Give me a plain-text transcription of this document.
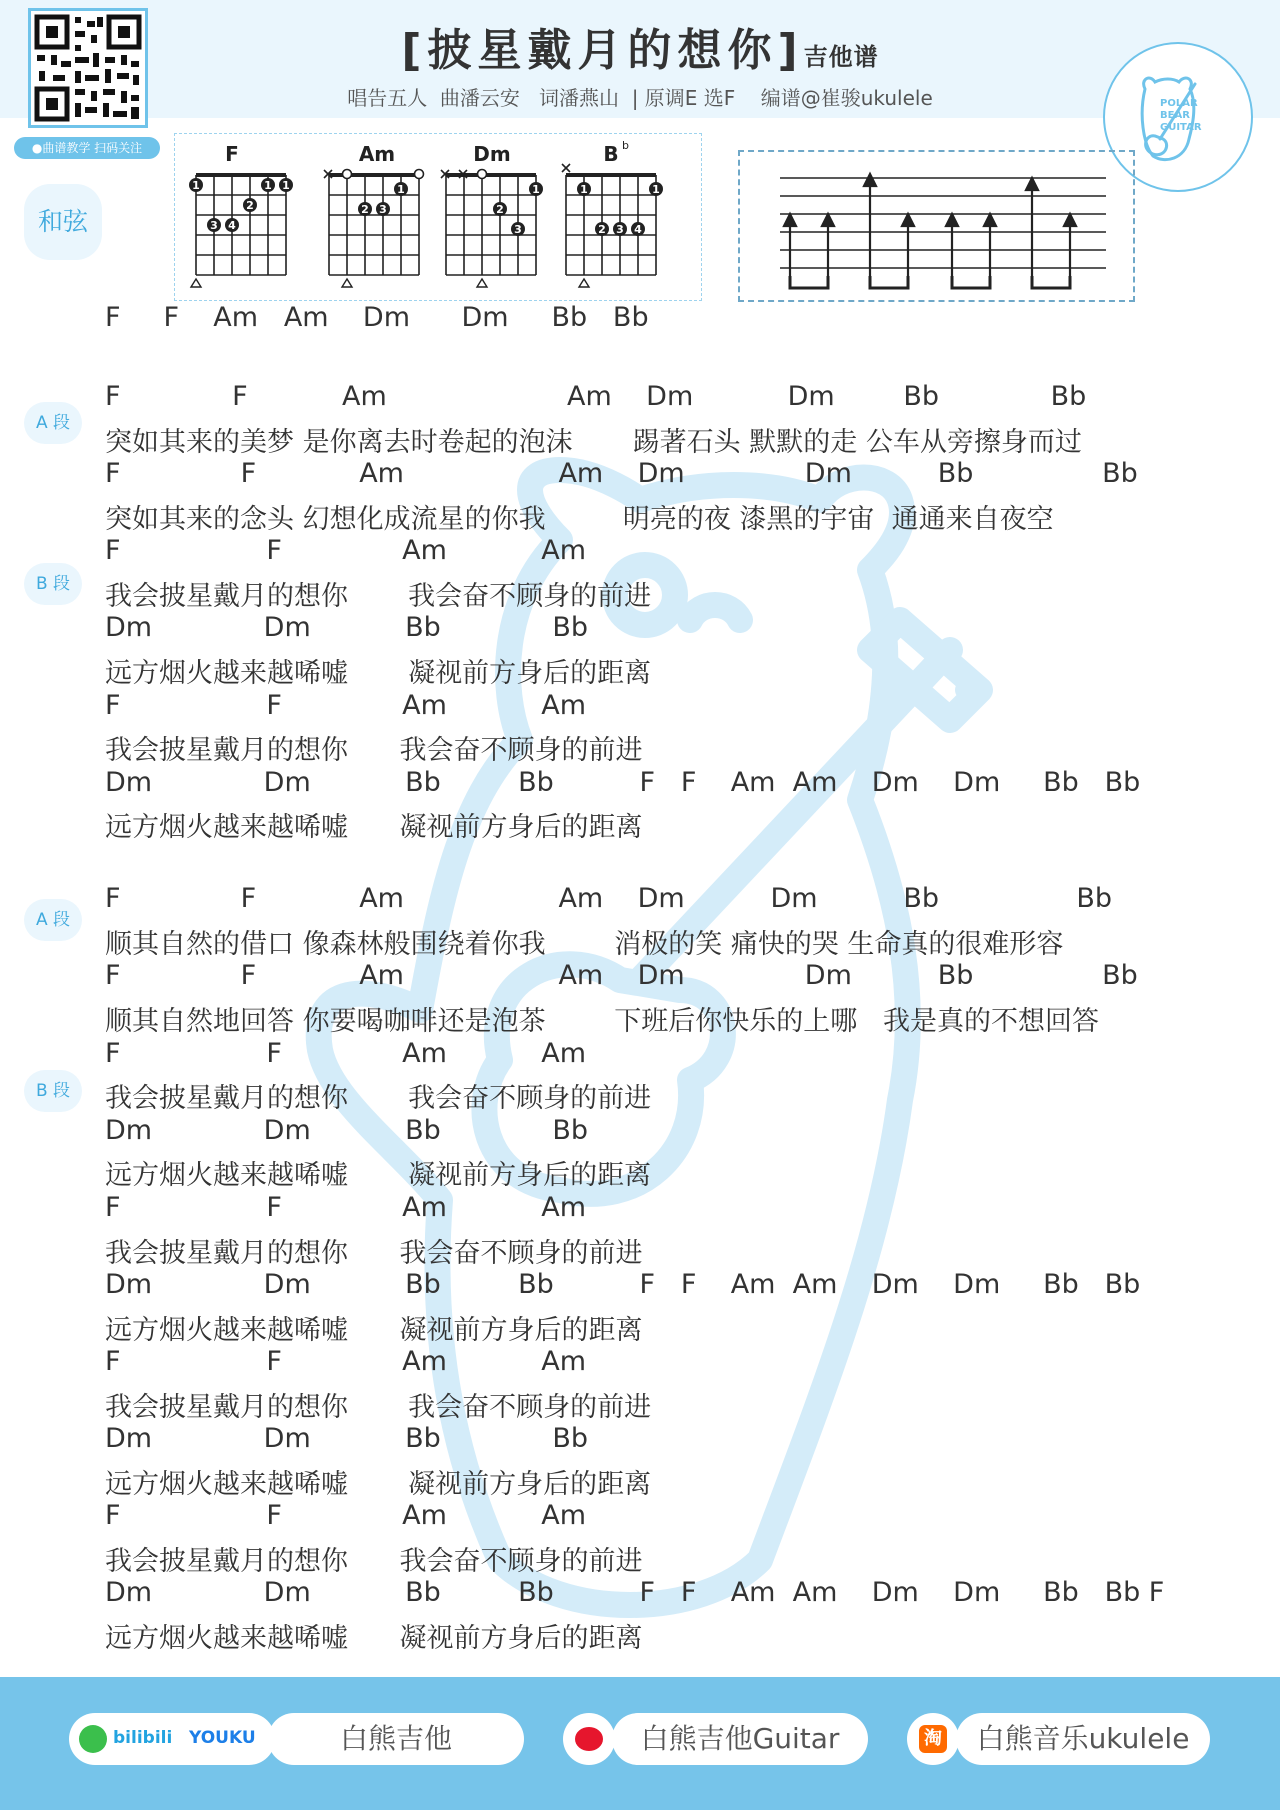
●曲谱教学 扫码关注
[披星戴月的想你]吉他谱
唱告五人  曲潘云安   词潘燕山  | 原调E 选F    编谱@崔骏ukulele	POLAR
BEAR
GUITAR
和弦
F
1	1 1
2
3 4
Am
1
2 3
Dm
1
2
3
B b
1	1
2 3 4
A 段
B 段
A 段
B 段
F     F    Am   Am    Dm      Dm     Bb   Bb
F             F           Am                     Am    Dm           Dm        Bb             Bb
突如其来的美梦 是你离去时卷起的泡沫       踢著石头 默默的走 公车从旁擦身而过
F              F            Am                  Am    Dm              Dm          Bb               Bb
突如其来的念头 幻想化成流星的你我         明亮的夜 漆黑的宇宙  通通来自夜空
F                 F              Am           Am
我会披星戴月的想你       我会奋不顾身的前进
Dm             Dm           Bb             Bb
远方烟火越来越唏嘘       凝视前方身后的距离
F                 F              Am           Am
我会披星戴月的想你      我会奋不顾身的前进
Dm             Dm           Bb         Bb          F   F    Am  Am    Dm    Dm     Bb   Bb
远方烟火越来越唏嘘      凝视前方身后的距离
F              F            Am                  Am    Dm          Dm          Bb                Bb
顺其自然的借口 像森林般围绕着你我        消极的笑 痛快的哭 生命真的很难形容
F              F            Am                  Am    Dm              Dm          Bb               Bb
顺其自然地回答 你要喝咖啡还是泡茶        下班后你快乐的上哪   我是真的不想回答
F                 F              Am           Am
我会披星戴月的想你       我会奋不顾身的前进
Dm             Dm           Bb             Bb
远方烟火越来越唏嘘       凝视前方身后的距离
F                 F              Am           Am
我会披星戴月的想你      我会奋不顾身的前进
Dm             Dm           Bb         Bb          F   F    Am  Am    Dm    Dm     Bb   Bb
远方烟火越来越唏嘘      凝视前方身后的距离
F                 F              Am           Am
我会披星戴月的想你       我会奋不顾身的前进
Dm             Dm           Bb             Bb
远方烟火越来越唏嘘       凝视前方身后的距离
F                 F              Am           Am
我会披星戴月的想你      我会奋不顾身的前进
Dm             Dm           Bb         Bb          F   F    Am  Am    Dm    Dm     Bb   Bb F
远方烟火越来越唏嘘      凝视前方身后的距离
bilibili YOUKU	白熊吉他	白熊吉他Guitar	淘	白熊音乐ukulele
